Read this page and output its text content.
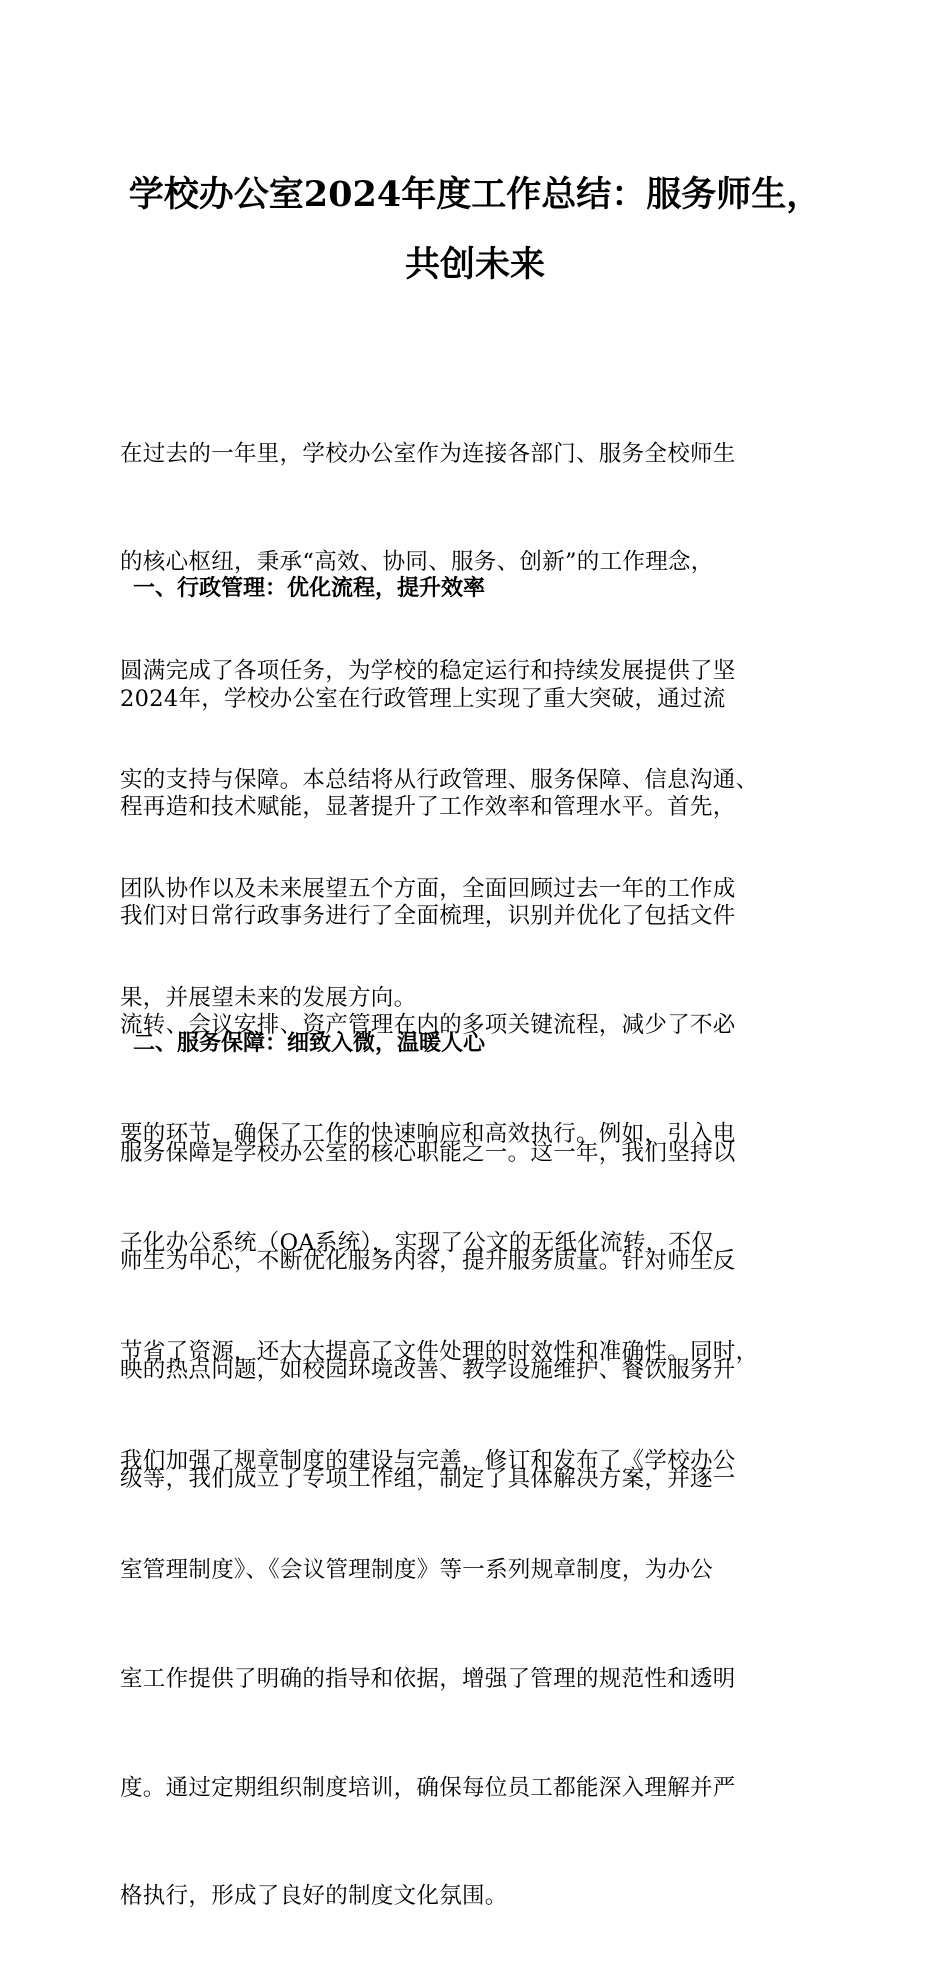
学校办公室2024年度工作总结：服务师生，
共创未来

在过去的一年里，学校办公室作为连接各部门、服务全校师生

的核心枢纽，秉承“高效、协同、服务、创新”的工作理念，

圆满完成了各项任务，为学校的稳定运行和持续发展提供了坚

实的支持与保障。本总结将从行政管理、服务保障、信息沟通、

团队协作以及未来展望五个方面，全面回顾过去一年的工作成

果，并展望未来的发展方向。

一、行政管理：优化流程，提升效率

2024年，学校办公室在行政管理上实现了重大突破，通过流

程再造和技术赋能，显著提升了工作效率和管理水平。首先，

我们对日常行政事务进行了全面梳理，识别并优化了包括文件

流转、会议安排、资产管理在内的多项关键流程，减少了不必

要的环节，确保了工作的快速响应和高效执行。例如，引入电

子化办公系统（OA系统），实现了公文的无纸化流转，不仅

节省了资源，还大大提高了文件处理的时效性和准确性。同时，

我们加强了规章制度的建设与完善，修订和发布了《学校办公

室管理制度》、《会议管理制度》等一系列规章制度，为办公

室工作提供了明确的指导和依据，增强了管理的规范性和透明

度。通过定期组织制度培训，确保每位员工都能深入理解并严

格执行，形成了良好的制度文化氛围。

二、服务保障：细致入微，温暖人心

服务保障是学校办公室的核心职能之一。这一年，我们坚持以

师生为中心，不断优化服务内容，提升服务质量。针对师生反

映的热点问题，如校园环境改善、教学设施维护、餐饮服务升

级等，我们成立了专项工作组，制定了具体解决方案，并逐一
